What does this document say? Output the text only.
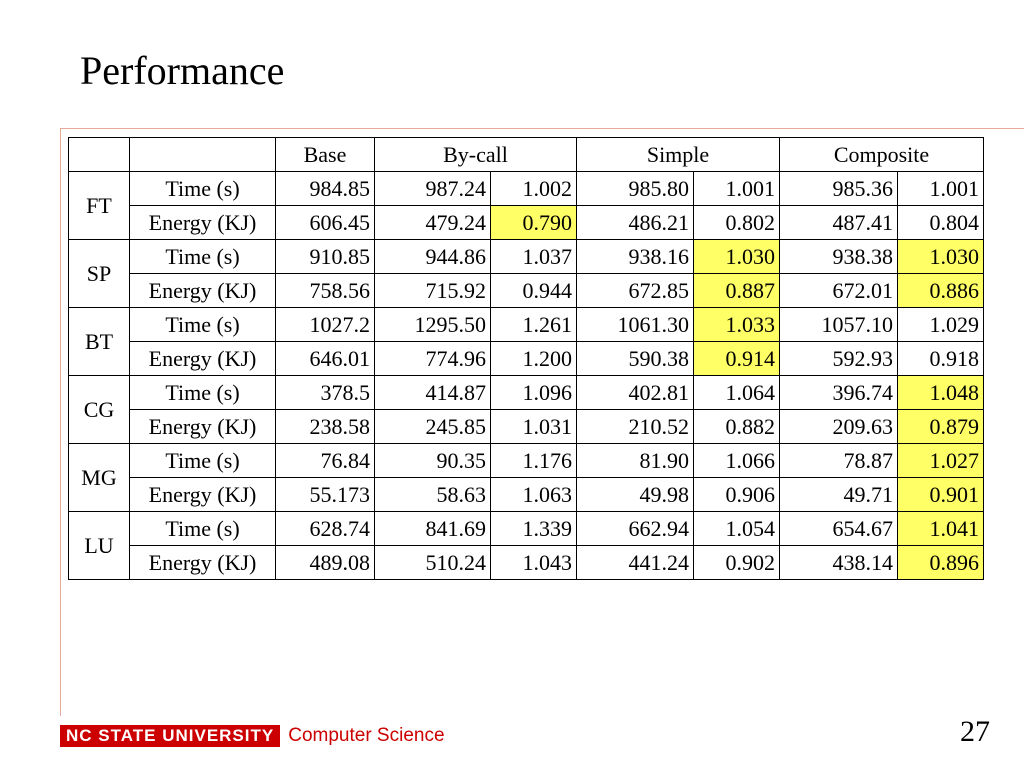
Performance
		Base	By-call		Simple		Composite	
FT	Time (s)	984.85	987.24	1.002	985.80	1.001	985.36	1.001
	Energy (KJ)	606.45	479.24	0.790	486.21	0.802	487.41	0.804
SP	Time (s)	910.85	944.86	1.037	938.16	1.030	938.38	1.030
	Energy (KJ)	758.56	715.92	0.944	672.85	0.887	672.01	0.886
BT	Time (s)	1027.2	1295.50	1.261	1061.30	1.033	1057.10	1.029
	Energy (KJ)	646.01	774.96	1.200	590.38	0.914	592.93	0.918
CG	Time (s)	378.5	414.87	1.096	402.81	1.064	396.74	1.048
	Energy (KJ)	238.58	245.85	1.031	210.52	0.882	209.63	0.879
MG	Time (s)	76.84	90.35	1.176	81.90	1.066	78.87	1.027
	Energy (KJ)	55.173	58.63	1.063	49.98	0.906	49.71	0.901
LU	Time (s)	628.74	841.69	1.339	662.94	1.054	654.67	1.041
	Energy (KJ)	489.08	510.24	1.043	441.24	0.902	438.14	0.896
NC STATE UNIVERSITY Computer Science	27
